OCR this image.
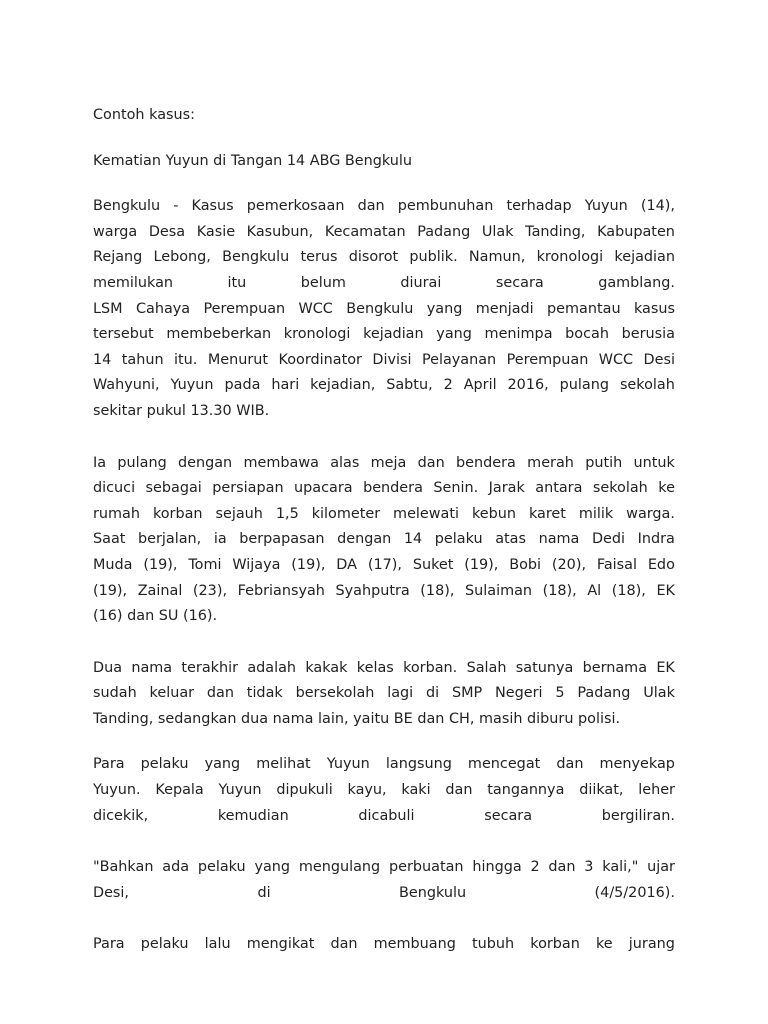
Contoh kasus:

Kematian Yuyun di Tangan 14 ABG Bengkulu

Bengkulu - Kasus pemerkosaan dan pembunuhan terhadap Yuyun (14),
warga Desa Kasie Kasubun, Kecamatan Padang Ulak Tanding, Kabupaten
Rejang Lebong, Bengkulu terus disorot publik. Namun, kronologi kejadian
memilukan	itu	belum	diurai	secara	gamblang.
LSM Cahaya Perempuan WCC Bengkulu yang menjadi pemantau kasus
tersebut membeberkan kronologi kejadian yang menimpa bocah berusia
14 tahun itu. Menurut Koordinator Divisi Pelayanan Perempuan WCC Desi
Wahyuni, Yuyun pada hari kejadian, Sabtu, 2 April 2016, pulang sekolah
sekitar pukul 13.30 WIB.
Ia pulang dengan membawa alas meja dan bendera merah putih untuk
dicuci sebagai persiapan upacara bendera Senin. Jarak antara sekolah ke
rumah korban sejauh 1,5 kilometer melewati kebun karet milik warga.
Saat berjalan, ia berpapasan dengan 14 pelaku atas nama Dedi Indra
Muda (19), Tomi Wijaya (19), DA (17), Suket (19), Bobi (20), Faisal Edo
(19), Zainal (23), Febriansyah Syahputra (18), Sulaiman (18), Al (18), EK
(16) dan SU (16).
Dua nama terakhir adalah kakak kelas korban. Salah satunya bernama EK
sudah keluar dan tidak bersekolah lagi di SMP Negeri 5 Padang Ulak
Tanding, sedangkan dua nama lain, yaitu BE dan CH, masih diburu polisi.
Para pelaku yang melihat Yuyun langsung mencegat dan menyekap
Yuyun. Kepala Yuyun dipukuli kayu, kaki dan tangannya diikat, leher
dicekik,	kemudian	dicabuli	secara	bergiliran.
"Bahkan ada pelaku yang mengulang perbuatan hingga 2 dan 3 kali," ujar
Desi,	di	Bengkulu	(4/5/2016).
Para pelaku lalu mengikat dan membuang tubuh korban ke jurang
